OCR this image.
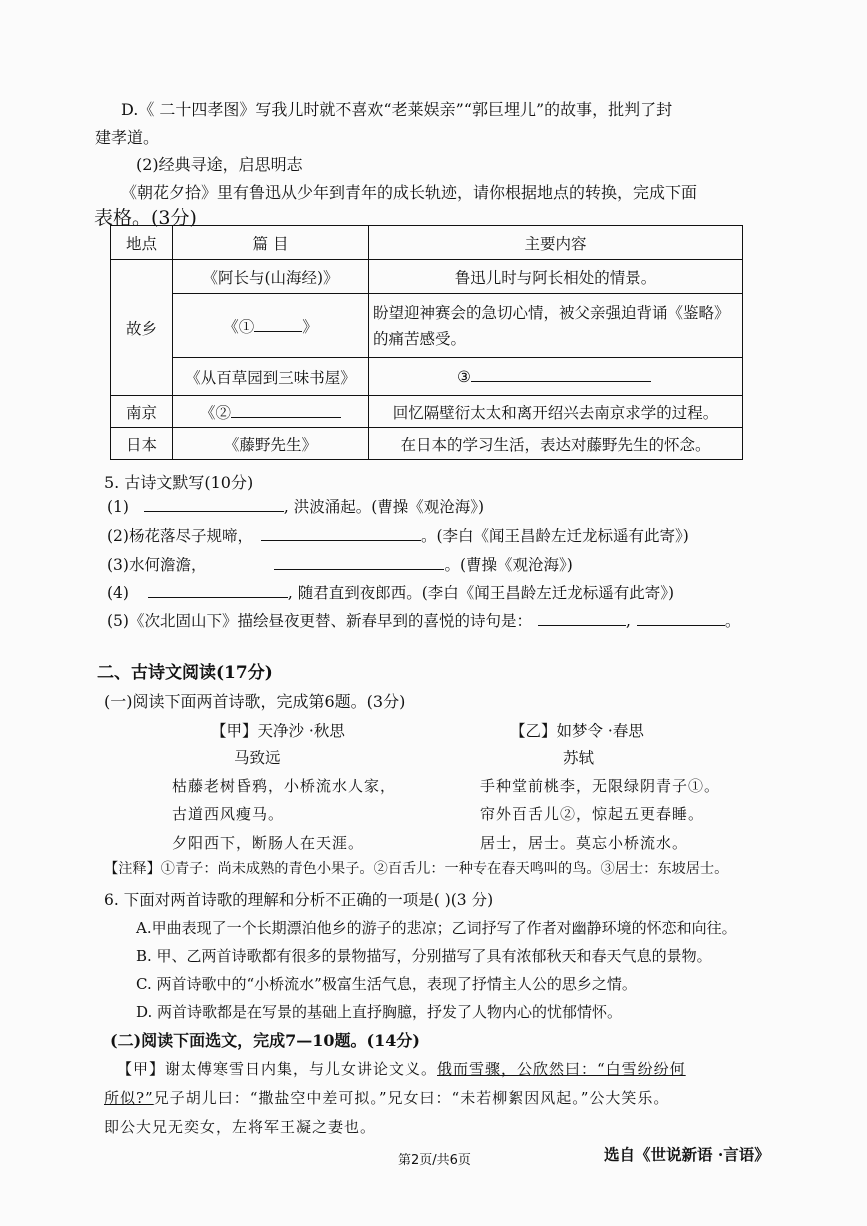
D.《 二十四孝图》写我儿时就不喜欢“老莱娱亲”“郭巨埋儿”的故事，批判了封
建孝道。
(2)经典寻途，启思明志
《朝花夕拾》里有鲁迅从少年到青年的成长轨迹，请你根据地点的转换，完成下面
表格。(3分)
地点	篇 目	主要内容
故乡	《阿长与(山海经)》	鲁迅儿时与阿长相处的情景。
	《① 》	盼望迎神赛会的急切心情，被父亲强迫背诵《鉴略》的痛苦感受。
	《从百草园到三味书屋》	③
南京	《②	回忆隔壁衍太太和离开绍兴去南京求学的过程。
日本	《藤野先生》	在日本的学习生活，表达对藤野先生的怀念。
5. 古诗文默写(10分)
(1)	, 洪波涌起。(曹操《观沧海》)
(2)杨花落尽子规啼，	。(李白《闻王昌龄左迁龙标遥有此寄》)
(3)水何澹澹，	。(曹操《观沧海》)
(4)	, 随君直到夜郎西。(李白《闻王昌龄左迁龙标遥有此寄》)
(5)《次北固山下》描绘昼夜更替、新春早到的喜悦的诗句是：	,	。
二、古诗文阅读(17分)
(一)阅读下面两首诗歌，完成第6题。(3分)
【甲】天净沙 ·秋思
马致远
枯藤老树昏鸦，小桥流水人家，
古道西风瘦马。
夕阳西下，断肠人在天涯。
【乙】如梦令 ·春思
苏轼
手种堂前桃李，无限绿阴青子①。
帘外百舌儿②，惊起五更春睡。
居士，居士。莫忘小桥流水。
【注释】①青子：尚未成熟的青色小果子。②百舌儿：一种专在春天鸣叫的鸟。③居士：东坡居士。
6. 下面对两首诗歌的理解和分析不正确的一项是( )(3 分)
A.甲曲表现了一个长期漂泊他乡的游子的悲凉；乙词抒写了作者对幽静环境的怀恋和向往。
B. 甲、乙两首诗歌都有很多的景物描写，分别描写了具有浓郁秋天和春天气息的景物。
C. 两首诗歌中的“小桥流水”极富生活气息，表现了抒情主人公的思乡之情。
D. 两首诗歌都是在写景的基础上直抒胸臆，抒发了人物内心的忧郁情怀。
(二)阅读下面选文，完成7—10题。(14分)
【甲】谢太傅寒雪日内集，与儿女讲论文义。俄而雪骤，公欣然曰：“白雪纷纷何
所似?”兄子胡儿曰：“撒盐空中差可拟。”兄女曰：“未若柳絮因风起。”公大笑乐。
即公大兄无奕女，左将军王凝之妻也。
第2页/共6页	选自《世说新语 ·言语》
